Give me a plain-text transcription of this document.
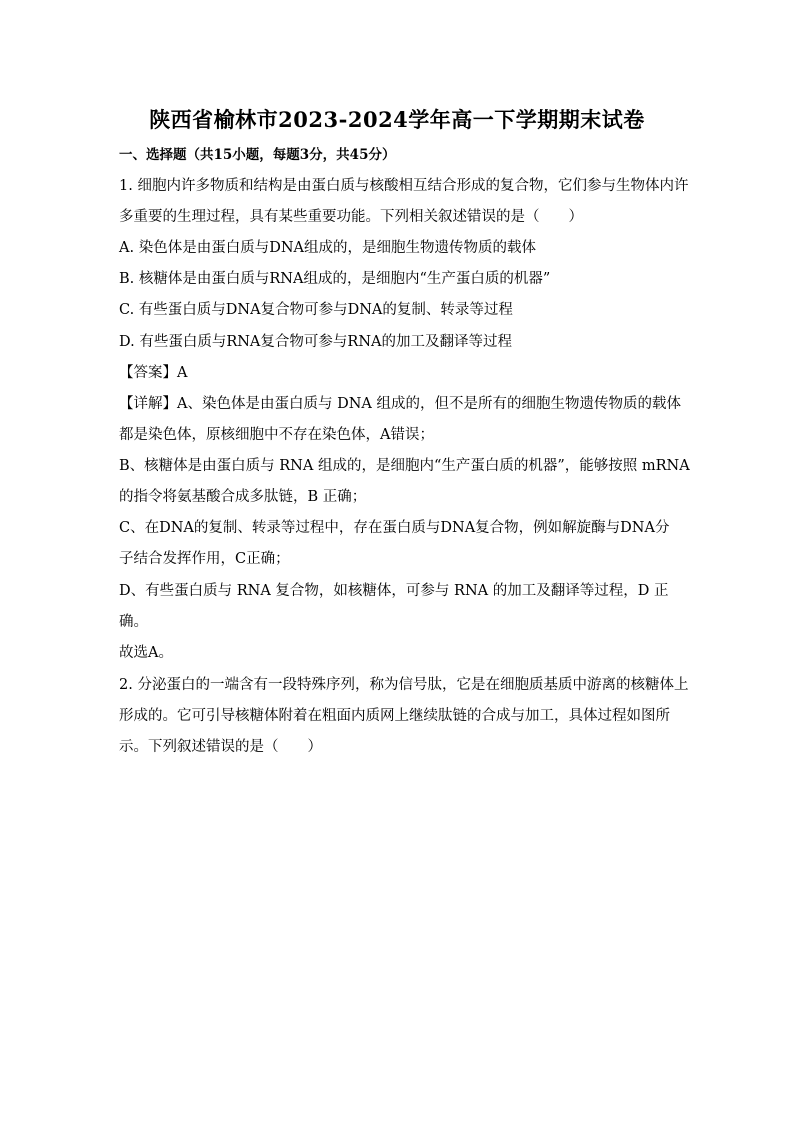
陕西省榆林市2023-2024学年高一下学期期末试卷
一、选择题（共15小题，每题3分，共45分）
1. 细胞内许多物质和结构是由蛋白质与核酸相互结合形成的复合物，它们参与生物体内许
多重要的生理过程，具有某些重要功能。下列相关叙述错误的是（　　）
A. 染色体是由蛋白质与DNA组成的，是细胞生物遗传物质的载体
B. 核糖体是由蛋白质与RNA组成的，是细胞内“生产蛋白质的机器”
C. 有些蛋白质与DNA复合物可参与DNA的复制、转录等过程
D. 有些蛋白质与RNA复合物可参与RNA的加工及翻译等过程
【答案】A
【详解】A、染色体是由蛋白质与 DNA 组成的，但不是所有的细胞生物遗传物质的载体
都是染色体，原核细胞中不存在染色体，A错误；
B、核糖体是由蛋白质与 RNA 组成的，是细胞内“生产蛋白质的机器”，能够按照 mRNA
的指令将氨基酸合成多肽链，B 正确；
C、在DNA的复制、转录等过程中，存在蛋白质与DNA复合物，例如解旋酶与DNA分
子结合发挥作用，C正确；
D、有些蛋白质与 RNA 复合物，如核糖体，可参与 RNA 的加工及翻译等过程，D 正
确。
故选A。
2. 分泌蛋白的一端含有一段特殊序列，称为信号肽，它是在细胞质基质中游离的核糖体上
形成的。它可引导核糖体附着在粗面内质网上继续肽链的合成与加工，具体过程如图所
示。下列叙述错误的是（　　）
